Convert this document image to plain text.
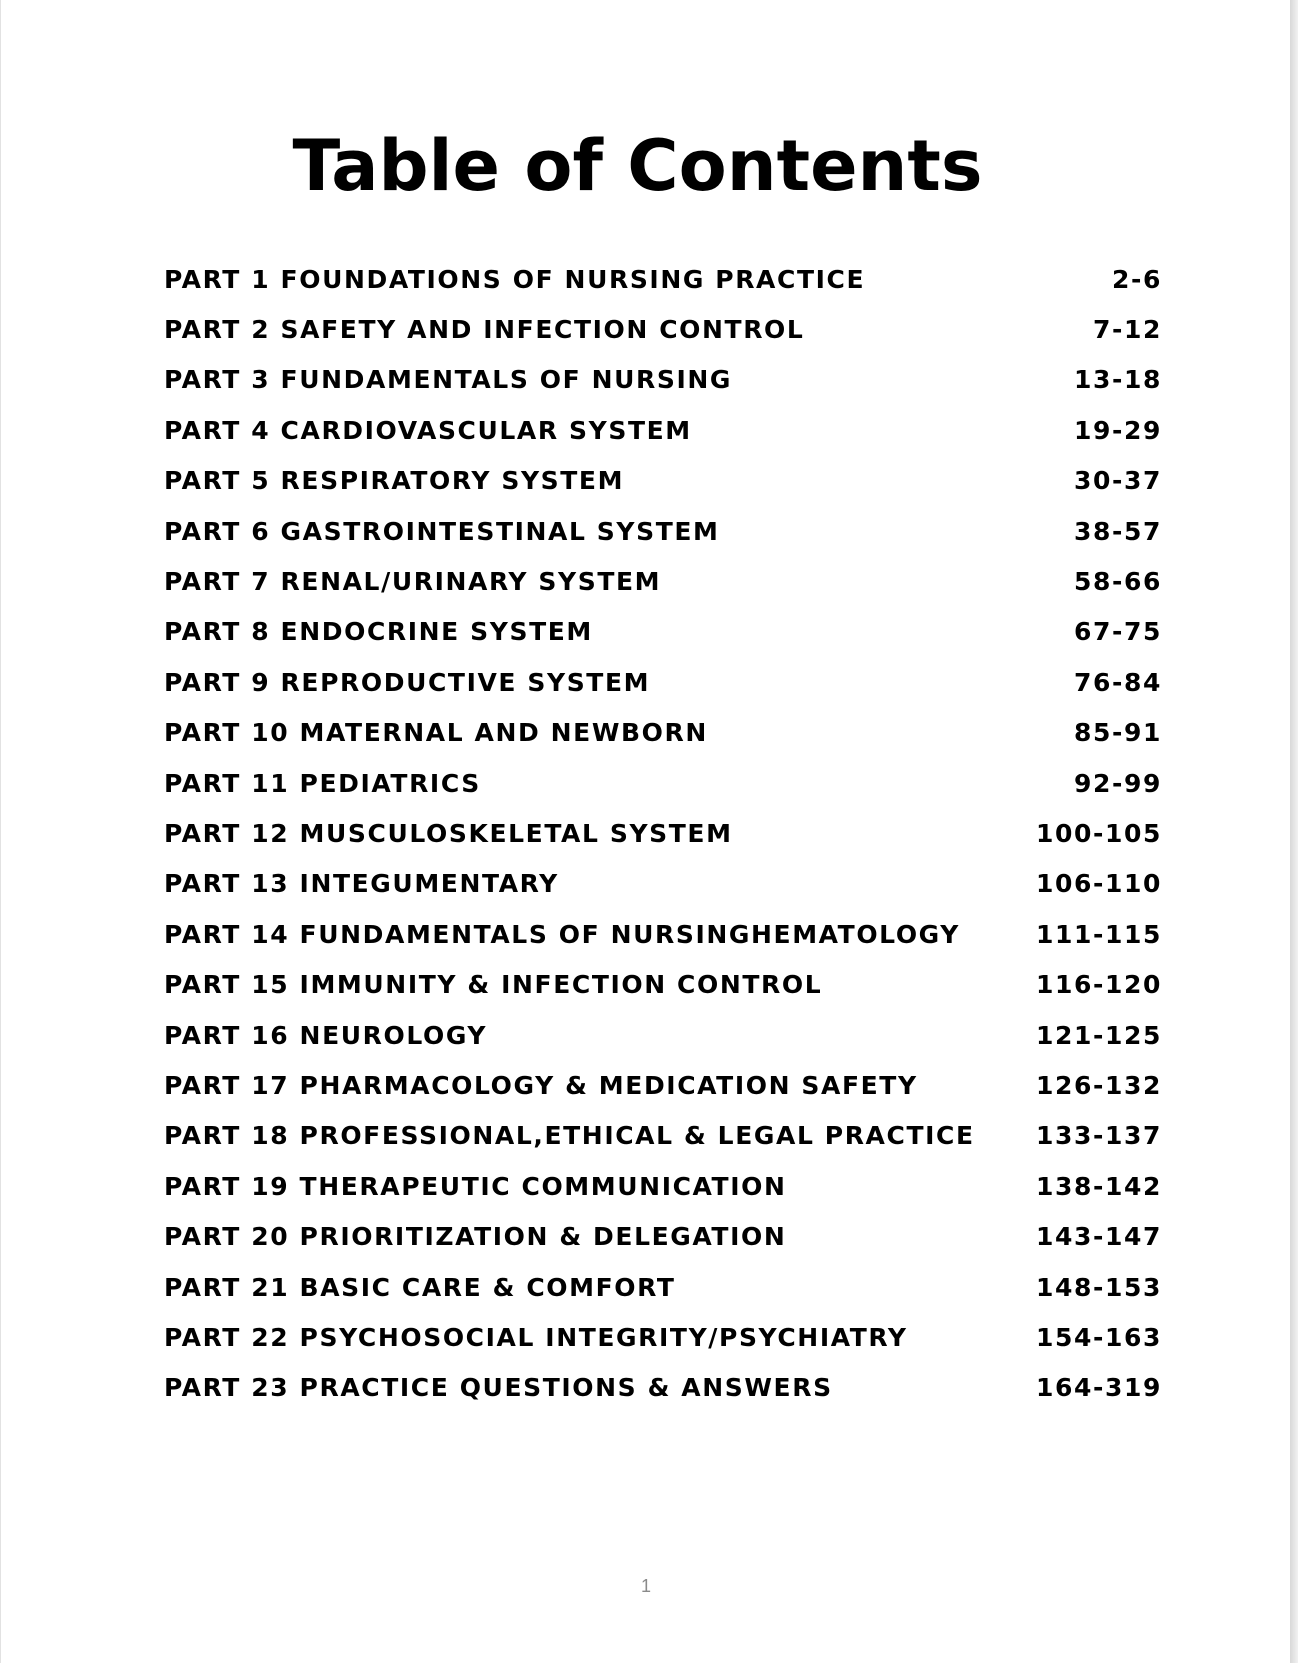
Table of Contents
PART 1 FOUNDATIONS OF NURSING PRACTICE	2-6
PART 2 SAFETY AND INFECTION CONTROL	7-12
PART 3 FUNDAMENTALS OF NURSING	13-18
PART 4 CARDIOVASCULAR SYSTEM	19-29
PART 5 RESPIRATORY SYSTEM	30-37
PART 6 GASTROINTESTINAL SYSTEM	38-57
PART 7 RENAL/URINARY SYSTEM	58-66
PART 8 ENDOCRINE SYSTEM	67-75
PART 9 REPRODUCTIVE SYSTEM	76-84
PART 10 MATERNAL AND NEWBORN	85-91
PART 11 PEDIATRICS	92-99
PART 12 MUSCULOSKELETAL SYSTEM	100-105
PART 13 INTEGUMENTARY	106-110
PART 14 FUNDAMENTALS OF NURSINGHEMATOLOGY	111-115
PART 15 IMMUNITY & INFECTION CONTROL	116-120
PART 16 NEUROLOGY	121-125
PART 17 PHARMACOLOGY & MEDICATION SAFETY	126-132
PART 18 PROFESSIONAL,ETHICAL & LEGAL PRACTICE 133-137
PART 19 THERAPEUTIC COMMUNICATION	138-142
PART 20 PRIORITIZATION & DELEGATION	143-147
PART 21 BASIC CARE & COMFORT	148-153
PART 22 PSYCHOSOCIAL INTEGRITY/PSYCHIATRY	154-163
PART 23 PRACTICE QUESTIONS & ANSWERS	164-319
1
